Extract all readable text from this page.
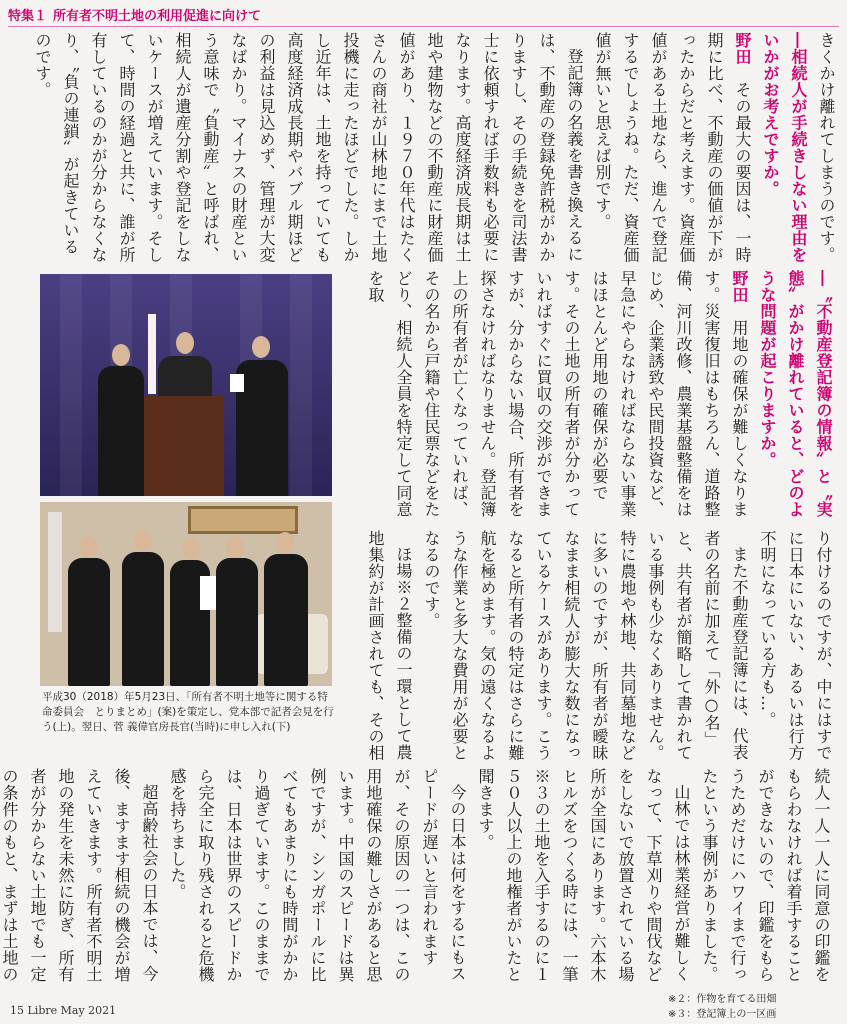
特集１ 所有者不明土地の利用促進に向けて
きくかけ離れてしまうのです。
―相続人が手続きしない理由をいかがお考えですか。
野田　その最大の要因は、一時期に比べ、不動産の価値が下がったからだと考えます。資産価値がある土地なら、進んで登記するでしょうね。ただ、資産価値が無いと思えば別です。
登記簿の名義を書き換えるには、不動産の登録免許税がかかりますし、その手続きを司法書士に依頼すれば手数料も必要になります。高度経済成長期は土地や建物などの不動産に財産価値があり、１９７０年代はたくさんの商社が山林地にまで土地投機に走ったほどでした。しかし近年は、土地を持っていても高度経済成長期やバブル期ほどの利益は見込めず、管理が大変なばかり。マイナスの財産という意味で〝負動産〟と呼ばれ、相続人が遺産分割や登記をしないケースが増えています。そして、時間の経過と共に、誰が所有しているのかが分からなくなり、〝負の連鎖〟が起きているのです。
―〝不動産登記簿の情報〟と〝実態〟がかけ離れていると、どのような問題が起こりますか。
野田　用地の確保が難しくなります。災害復旧はもちろん、道路整備、河川改修、農業基盤整備をはじめ、企業誘致や民間投資など、早急にやらなければならない事業はほとんど用地の確保が必要です。その土地の所有者が分かっていればすぐに買収の交渉ができますが、分からない場合、所有者を探さなければなりません。登記簿上の所有者が亡くなっていれば、その名から戸籍や住民票などをたどり、相続人全員を特定して同意を取
り付けるのですが、中にはすでに日本にいない、あるいは行方不明になっている方も…。
また不動産登記簿には、代表者の名前に加えて「外○名」と、共有者が簡略して書かれている事例も少なくありません。特に農地や林地、共同墓地などに多いのですが、所有者が曖昧なまま相続人が膨大な数になっているケースがあります。こうなると所有者の特定はさらに難航を極めます。気の遠くなるような作業と多大な費用が必要となるのです。
ほ場※２整備の一環として農地集約が計画されても、その相
続人一人一人に同意の印鑑をもらわなければ着手することができないので、印鑑をもらうためだけにハワイまで行ったという事例がありました。
山林では林業経営が難しくなって、下草刈りや間伐などをしないで放置されている場所が全国にあります。六本木ヒルズをつくる時には、一筆※３の土地を入手するのに１５０人以上の地権者がいたと聞きます。
今の日本は何をするにもスピードが遅いと言われますが、その原因の一つは、この用地確保の難しさがあると思います。中国のスピードは異例ですが、シンガポールに比べてもあまりにも時間がかかり過ぎています。このままでは、日本は世界のスピードから完全に取り残されると危機感を持ちました。
超高齢社会の日本では、今後、ますます相続の機会が増えていきます。所有者不明土地の発生を未然に防ぎ、所有者が分からない土地でも一定の条件のもと、まずは土地の
平成30（2018）年5月23日、「所有者不明土地等に関する特命委員会　とりまとめ」(案)を策定し、党本部で記者会見を行う(上)。翌日、菅 義偉官房長官(当時)に申し入れ(下)
※２：作物を育てる田畑
※３：登記簿上の一区画
15 Libre May 2021
